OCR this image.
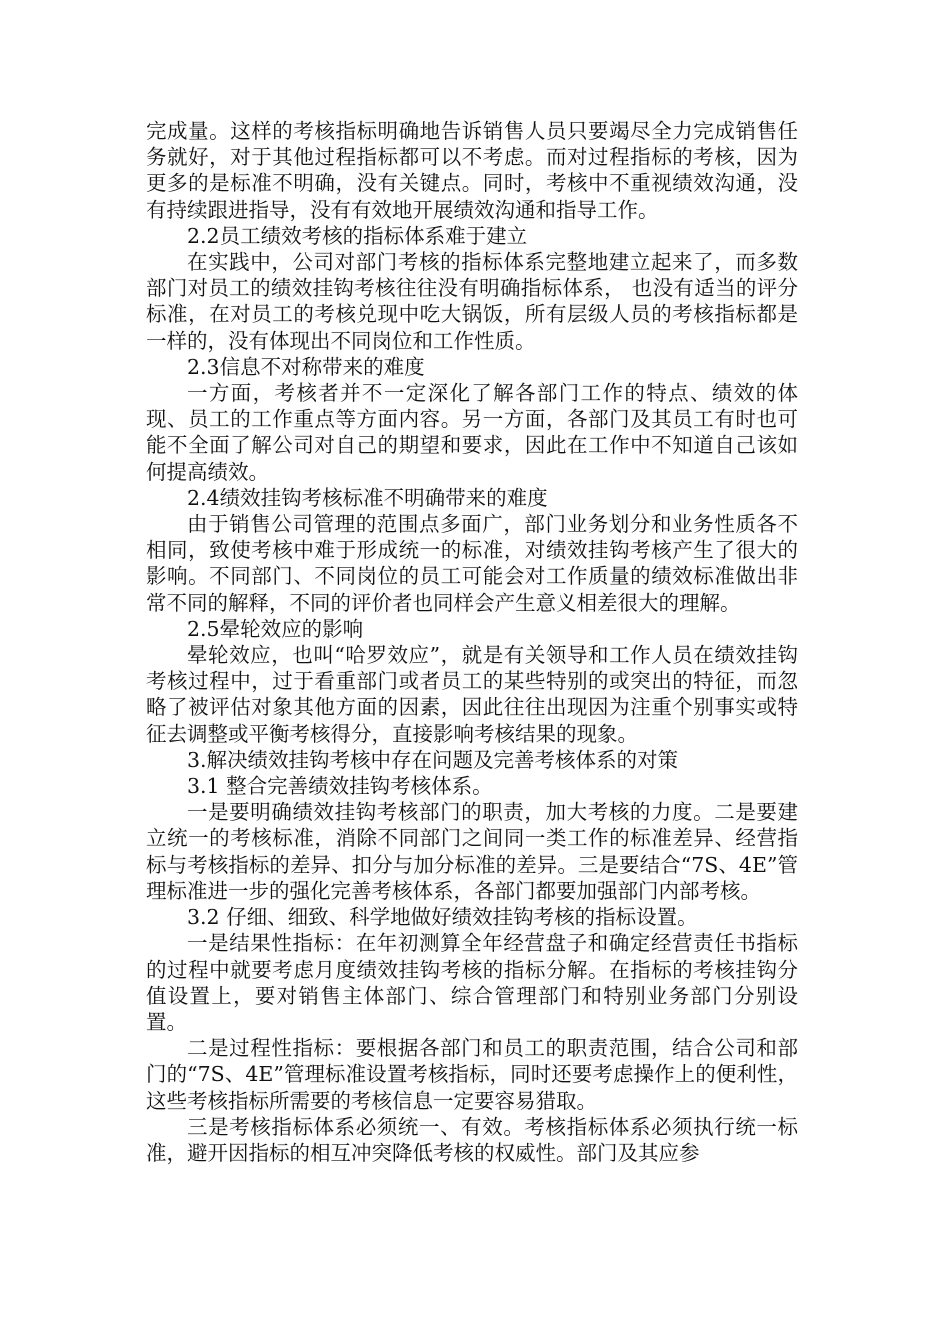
完成量。这样的考核指标明确地告诉销售人员只要竭尽全力完成销售任务就好，对于其他过程指标都可以不考虑。而对过程指标的考核，因为更多的是标准不明确，没有关键点。同时，考核中不重视绩效沟通，没有持续跟进指导，没有有效地开展绩效沟通和指导工作。

2.2员工绩效考核的指标体系难于建立

在实践中，公司对部门考核的指标体系完整地建立起来了，而多数部门对员工的绩效挂钩考核往往没有明确指标体系， 也没有适当的评分标准，在对员工的考核兑现中吃大锅饭，所有层级人员的考核指标都是一样的，没有体现出不同岗位和工作性质。

2.3信息不对称带来的难度

一方面，考核者并不一定深化了解各部门工作的特点、绩效的体现、员工的工作重点等方面内容。另一方面，各部门及其员工有时也可能不全面了解公司对自己的期望和要求，因此在工作中不知道自己该如何提高绩效。

2.4绩效挂钩考核标准不明确带来的难度

由于销售公司管理的范围点多面广，部门业务划分和业务性质各不相同，致使考核中难于形成统一的标准，对绩效挂钩考核产生了很大的影响。不同部门、不同岗位的员工可能会对工作质量的绩效标准做出非常不同的解释，不同的评价者也同样会产生意义相差很大的理解。

2.5晕轮效应的影响

晕轮效应，也叫“哈罗效应”，就是有关领导和工作人员在绩效挂钩考核过程中，过于看重部门或者员工的某些特别的或突出的特征，而忽略了被评估对象其他方面的因素，因此往往出现因为注重个别事实或特征去调整或平衡考核得分，直接影响考核结果的现象。

3.解决绩效挂钩考核中存在问题及完善考核体系的对策

3.1 整合完善绩效挂钩考核体系。

一是要明确绩效挂钩考核部门的职责，加大考核的力度。二是要建立统一的考核标准，消除不同部门之间同一类工作的标准差异、经营指标与考核指标的差异、扣分与加分标准的差异。三是要结合“7S、4E”管理标准进一步的强化完善考核体系，各部门都要加强部门内部考核。

3.2 仔细、细致、科学地做好绩效挂钩考核的指标设置。

一是结果性指标：在年初测算全年经营盘子和确定经营责任书指标的过程中就要考虑月度绩效挂钩考核的指标分解。在指标的考核挂钩分值设置上，要对销售主体部门、综合管理部门和特别业务部门分别设置。

二是过程性指标：要根据各部门和员工的职责范围，结合公司和部门的“7S、4E”管理标准设置考核指标，同时还要考虑操作上的便利性，这些考核指标所需要的考核信息一定要容易猎取。

三是考核指标体系必须统一、有效。考核指标体系必须执行统一标准，避开因指标的相互冲突降低考核的权威性。部门及其应参
